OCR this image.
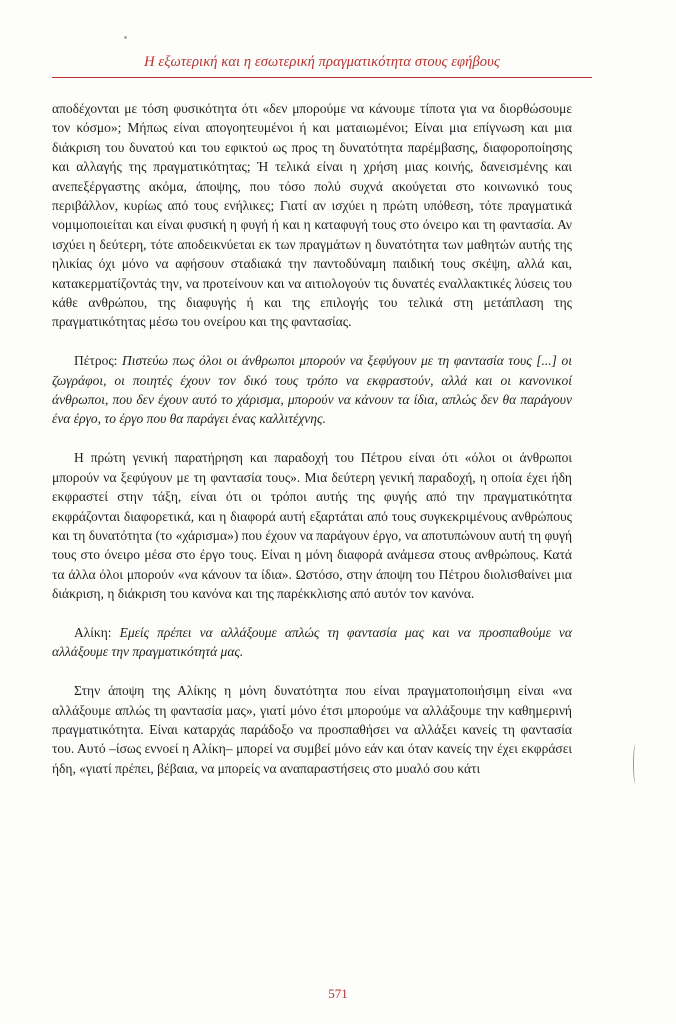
Η εξωτερική και η εσωτερική πραγματικότητα στους εφήβους

αποδέχονται με τόση φυσικότητα ότι «δεν μπορούμε να κάνουμε τίποτα για να διορθώσουμε τον κόσμο»; Μήπως είναι απογοητευμένοι ή και ματαιωμένοι; Είναι μια επίγνωση και μια διάκριση του δυνατού και του εφικτού ως προς τη δυνατότητα παρέμβασης, διαφοροποίησης και αλλαγής της πραγματικότητας; Ή τελικά είναι η χρήση μιας κοινής, δανεισμένης και ανεπεξέργαστης ακόμα, άποψης, που τόσο πολύ συχνά ακούγεται στο κοινωνικό τους περιβάλλον, κυρίως από τους ενήλικες; Γιατί αν ισχύει η πρώτη υπόθεση, τότε πραγματικά νομιμοποιείται και είναι φυσική η φυγή ή και η καταφυγή τους στο όνειρο και τη φαντασία. Αν ισχύει η δεύτερη, τότε αποδεικνύεται εκ των πραγμάτων η δυνατότητα των μαθητών αυτής της ηλικίας όχι μόνο να αφήσουν σταδιακά την παντοδύναμη παιδική τους σκέψη, αλλά και, κατακερματίζοντάς την, να προτείνουν και να αιτιολογούν τις δυνατές εναλλακτικές λύσεις του κάθε ανθρώπου, της διαφυγής ή και της επιλογής του τελικά στη μετάπλαση της πραγματικότητας μέσω του ονείρου και της φαντασίας.

Πέτρος: Πιστεύω πως όλοι οι άνθρωποι μπορούν να ξεφύγουν με τη φαντασία τους [...] οι ζωγράφοι, οι ποιητές έχουν τον δικό τους τρόπο να εκφραστούν, αλλά και οι κανονικοί άνθρωποι, που δεν έχουν αυτό το χάρισμα, μπορούν να κάνουν τα ίδια, απλώς δεν θα παράγουν ένα έργο, το έργο που θα παράγει ένας καλλιτέχνης.

Η πρώτη γενική παρατήρηση και παραδοχή του Πέτρου είναι ότι «όλοι οι άνθρωποι μπορούν να ξεφύγουν με τη φαντασία τους». Μια δεύτερη γενική παραδοχή, η οποία έχει ήδη εκφραστεί στην τάξη, είναι ότι οι τρόποι αυτής της φυγής από την πραγματικότητα εκφράζονται διαφορετικά, και η διαφορά αυτή εξαρτάται από τους συγκεκριμένους ανθρώπους και τη δυνατότητα (το «χάρισμα») που έχουν να παράγουν έργο, να αποτυπώνουν αυτή τη φυγή τους στο όνειρο μέσα στο έργο τους. Είναι η μόνη διαφορά ανάμεσα στους ανθρώπους. Κατά τα άλλα όλοι μπορούν «να κάνουν τα ίδια». Ωστόσο, στην άποψη του Πέτρου διολισθαίνει μια διάκριση, η διάκριση του κανόνα και της παρέκκλισης από αυτόν τον κανόνα.

Αλίκη: Εμείς πρέπει να αλλάξουμε απλώς τη φαντασία μας και να προσπαθούμε να αλλάξουμε την πραγματικότητά μας.

Στην άποψη της Αλίκης η μόνη δυνατότητα που είναι πραγματοποιήσιμη είναι «να αλλάξουμε απλώς τη φαντασία μας», γιατί μόνο έτσι μπορούμε να αλλάξουμε την καθημερινή πραγματικότητα. Είναι καταρχάς παράδοξο να προσπαθήσει να αλλάξει κανείς τη φαντασία του. Αυτό –ίσως εννοεί η Αλίκη– μπορεί να συμβεί μόνο εάν και όταν κανείς την έχει εκφράσει ήδη, «γιατί πρέπει, βέβαια, να μπορείς να αναπαραστήσεις στο μυαλό σου κάτι

571
